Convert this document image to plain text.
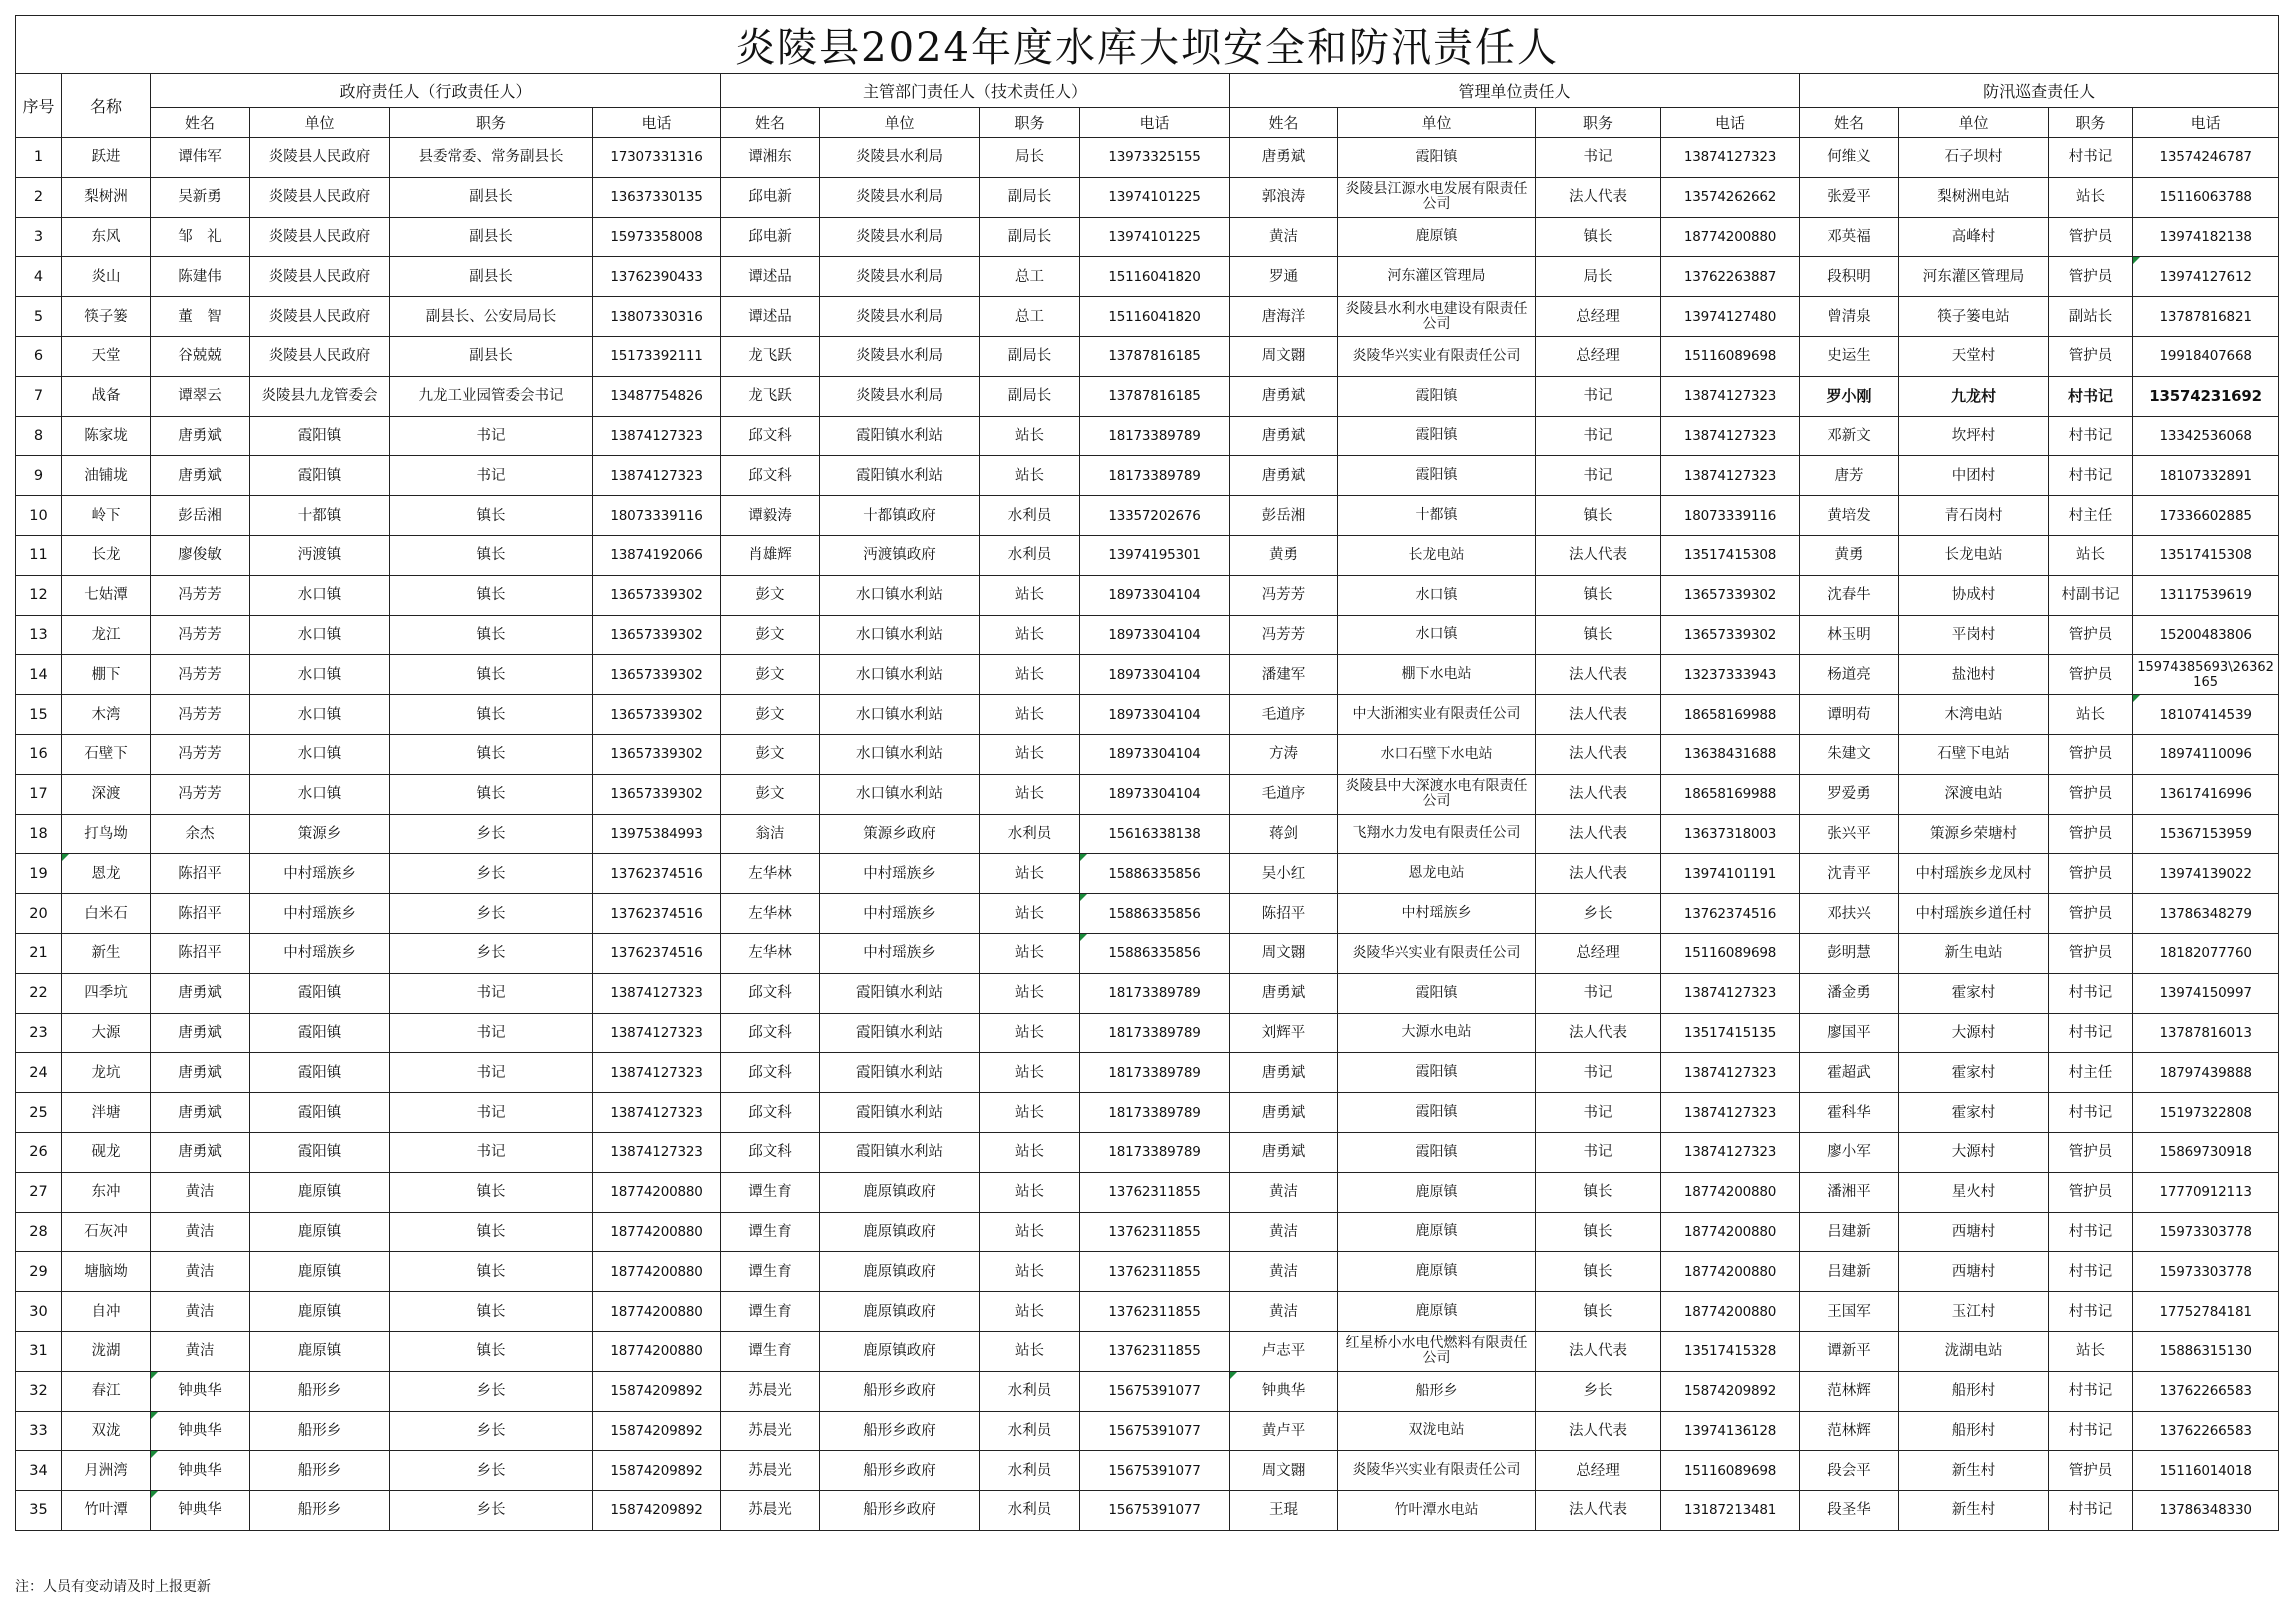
炎陵县2024年度水库大坝安全和防汛责任人																	
序号	名称	政府责任人（行政责任人）				主管部门责任人（技术责任人）				管理单位责任人				防汛巡查责任人			
		姓名	单位	职务	电话	姓名	单位	职务	电话	姓名	单位	职务	电话	姓名	单位	职务	电话
1	跃进	谭伟军	炎陵县人民政府	县委常委、常务副县长	17307331316	谭湘东	炎陵县水利局	局长	13973325155	唐勇斌	霞阳镇	书记	13874127323	何维义	石子坝村	村书记	13574246787
2	梨树洲	吴新勇	炎陵县人民政府	副县长	13637330135	邱电新	炎陵县水利局	副局长	13974101225	郭浪涛	炎陵县江源水电发展有限责任公司	法人代表	13574262662	张爱平	梨树洲电站	站长	15116063788
3	东风	邹　礼	炎陵县人民政府	副县长	15973358008	邱电新	炎陵县水利局	副局长	13974101225	黄洁	鹿原镇	镇长	18774200880	邓英福	高峰村	管护员	13974182138
4	炎山	陈建伟	炎陵县人民政府	副县长	13762390433	谭述品	炎陵县水利局	总工	15116041820	罗通	河东灌区管理局	局长	13762263887	段积明	河东灌区管理局	管护员	13974127612
5	筷子篓	董　智	炎陵县人民政府	副县长、公安局局长	13807330316	谭述品	炎陵县水利局	总工	15116041820	唐海洋	炎陵县水利水电建设有限责任公司	总经理	13974127480	曾清泉	筷子篓电站	副站长	13787816821
6	天堂	谷兢兢	炎陵县人民政府	副县长	15173392111	龙飞跃	炎陵县水利局	副局长	13787816185	周文翾	炎陵华兴实业有限责任公司	总经理	15116089698	史运生	天堂村	管护员	19918407668
7	战备	谭翠云	炎陵县九龙管委会	九龙工业园管委会书记	13487754826	龙飞跃	炎陵县水利局	副局长	13787816185	唐勇斌	霞阳镇	书记	13874127323	罗小刚	九龙村	村书记	13574231692
8	陈家垅	唐勇斌	霞阳镇	书记	13874127323	邱文科	霞阳镇水利站	站长	18173389789	唐勇斌	霞阳镇	书记	13874127323	邓新文	坎坪村	村书记	13342536068
9	油铺垅	唐勇斌	霞阳镇	书记	13874127323	邱文科	霞阳镇水利站	站长	18173389789	唐勇斌	霞阳镇	书记	13874127323	唐芳	中团村	村书记	18107332891
10	岭下	彭岳湘	十都镇	镇长	18073339116	谭毅涛	十都镇政府	水利员	13357202676	彭岳湘	十都镇	镇长	18073339116	黄培发	青石岗村	村主任	17336602885
11	长龙	廖俊敏	沔渡镇	镇长	13874192066	肖雄辉	沔渡镇政府	水利员	13974195301	黄勇	长龙电站	法人代表	13517415308	黄勇	长龙电站	站长	13517415308
12	七姑潭	冯芳芳	水口镇	镇长	13657339302	彭文	水口镇水利站	站长	18973304104	冯芳芳	水口镇	镇长	13657339302	沈春牛	协成村	村副书记	13117539619
13	龙江	冯芳芳	水口镇	镇长	13657339302	彭文	水口镇水利站	站长	18973304104	冯芳芳	水口镇	镇长	13657339302	林玉明	平岗村	管护员	15200483806
14	棚下	冯芳芳	水口镇	镇长	13657339302	彭文	水口镇水利站	站长	18973304104	潘建军	棚下水电站	法人代表	13237333943	杨道亮	盐池村	管护员	15974385693\26362165
15	木湾	冯芳芳	水口镇	镇长	13657339302	彭文	水口镇水利站	站长	18973304104	毛道序	中大浙湘实业有限责任公司	法人代表	18658169988	谭明苟	木湾电站	站长	18107414539
16	石壁下	冯芳芳	水口镇	镇长	13657339302	彭文	水口镇水利站	站长	18973304104	方涛	水口石壁下水电站	法人代表	13638431688	朱建文	石壁下电站	管护员	18974110096
17	深渡	冯芳芳	水口镇	镇长	13657339302	彭文	水口镇水利站	站长	18973304104	毛道序	炎陵县中大深渡水电有限责任公司	法人代表	18658169988	罗爱勇	深渡电站	管护员	13617416996
18	打鸟坳	余杰	策源乡	乡长	13975384993	翁洁	策源乡政府	水利员	15616338138	蒋剑	飞翔水力发电有限责任公司	法人代表	13637318003	张兴平	策源乡荣塘村	管护员	15367153959
19	恩龙	陈招平	中村瑶族乡	乡长	13762374516	左华林	中村瑶族乡	站长	15886335856	吴小红	恩龙电站	法人代表	13974101191	沈青平	中村瑶族乡龙凤村	管护员	13974139022
20	白米石	陈招平	中村瑶族乡	乡长	13762374516	左华林	中村瑶族乡	站长	15886335856	陈招平	中村瑶族乡	乡长	13762374516	邓扶兴	中村瑶族乡道任村	管护员	13786348279
21	新生	陈招平	中村瑶族乡	乡长	13762374516	左华林	中村瑶族乡	站长	15886335856	周文翾	炎陵华兴实业有限责任公司	总经理	15116089698	彭明慧	新生电站	管护员	18182077760
22	四季坑	唐勇斌	霞阳镇	书记	13874127323	邱文科	霞阳镇水利站	站长	18173389789	唐勇斌	霞阳镇	书记	13874127323	潘金勇	霍家村	村书记	13974150997
23	大源	唐勇斌	霞阳镇	书记	13874127323	邱文科	霞阳镇水利站	站长	18173389789	刘辉平	大源水电站	法人代表	13517415135	廖国平	大源村	村书记	13787816013
24	龙坑	唐勇斌	霞阳镇	书记	13874127323	邱文科	霞阳镇水利站	站长	18173389789	唐勇斌	霞阳镇	书记	13874127323	霍超武	霍家村	村主任	18797439888
25	泮塘	唐勇斌	霞阳镇	书记	13874127323	邱文科	霞阳镇水利站	站长	18173389789	唐勇斌	霞阳镇	书记	13874127323	霍科华	霍家村	村书记	15197322808
26	砚龙	唐勇斌	霞阳镇	书记	13874127323	邱文科	霞阳镇水利站	站长	18173389789	唐勇斌	霞阳镇	书记	13874127323	廖小军	大源村	管护员	15869730918
27	东冲	黄洁	鹿原镇	镇长	18774200880	谭生育	鹿原镇政府	站长	13762311855	黄洁	鹿原镇	镇长	18774200880	潘湘平	星火村	管护员	17770912113
28	石灰冲	黄洁	鹿原镇	镇长	18774200880	谭生育	鹿原镇政府	站长	13762311855	黄洁	鹿原镇	镇长	18774200880	吕建新	西塘村	村书记	15973303778
29	塘脑坳	黄洁	鹿原镇	镇长	18774200880	谭生育	鹿原镇政府	站长	13762311855	黄洁	鹿原镇	镇长	18774200880	吕建新	西塘村	村书记	15973303778
30	自冲	黄洁	鹿原镇	镇长	18774200880	谭生育	鹿原镇政府	站长	13762311855	黄洁	鹿原镇	镇长	18774200880	王国军	玉江村	村书记	17752784181
31	泷湖	黄洁	鹿原镇	镇长	18774200880	谭生育	鹿原镇政府	站长	13762311855	卢志平	红星桥小水电代燃料有限责任公司	法人代表	13517415328	谭新平	泷湖电站	站长	15886315130
32	春江	钟典华	船形乡	乡长	15874209892	苏晨光	船形乡政府	水利员	15675391077	钟典华	船形乡	乡长	15874209892	范林辉	船形村	村书记	13762266583
33	双泷	钟典华	船形乡	乡长	15874209892	苏晨光	船形乡政府	水利员	15675391077	黄卢平	双泷电站	法人代表	13974136128	范林辉	船形村	村书记	13762266583
34	月洲湾	钟典华	船形乡	乡长	15874209892	苏晨光	船形乡政府	水利员	15675391077	周文翾	炎陵华兴实业有限责任公司	总经理	15116089698	段会平	新生村	管护员	15116014018
35	竹叶潭	钟典华	船形乡	乡长	15874209892	苏晨光	船形乡政府	水利员	15675391077	王琨	竹叶潭水电站	法人代表	13187213481	段圣华	新生村	村书记	13786348330
注：人员有变动请及时上报更新
